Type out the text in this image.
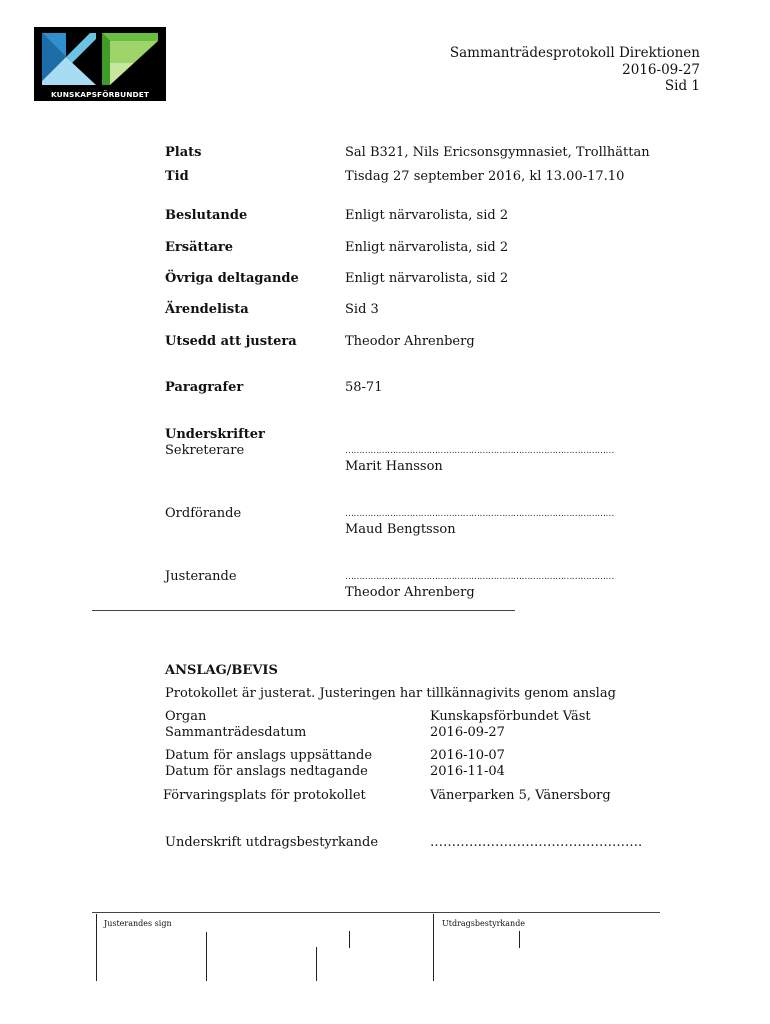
KUNSKAPSFÖRBUNDET
Sammanträdesprotokoll Direktionen
2016-09-27
Sid 1
Plats	Sal B321, Nils Ericsonsgymnasiet, Trollhättan
Tid	Tisdag 27 september 2016, kl 13.00-17.10
Beslutande	Enligt närvarolista, sid 2
Ersättare	Enligt närvarolista, sid 2
Övriga deltagande	Enligt närvarolista, sid 2
Ärendelista	Sid 3
Utsedd att justera	Theodor Ahrenberg
Paragrafer	58-71
Underskrifter
Sekreterare	……………………………………………………………………………………
Marit Hansson
Ordförande	……………………………………………………………………………………
Maud Bengtsson
Justerande	……………………………………………………………………………………
Theodor Ahrenberg
ANSLAG/BEVIS
Protokollet är justerat. Justeringen har tillkännagivits genom anslag
Organ	Kunskapsförbundet Väst
Sammanträdesdatum	2016-09-27
Datum för anslags uppsättande	2016-10-07
Datum för anslags nedtagande	2016-11-04
Förvaringsplats för protokollet	Vänerparken 5, Vänersborg
Underskrift utdragsbestyrkande	………………………………………….
Justerandes sign	Utdragsbestyrkande
